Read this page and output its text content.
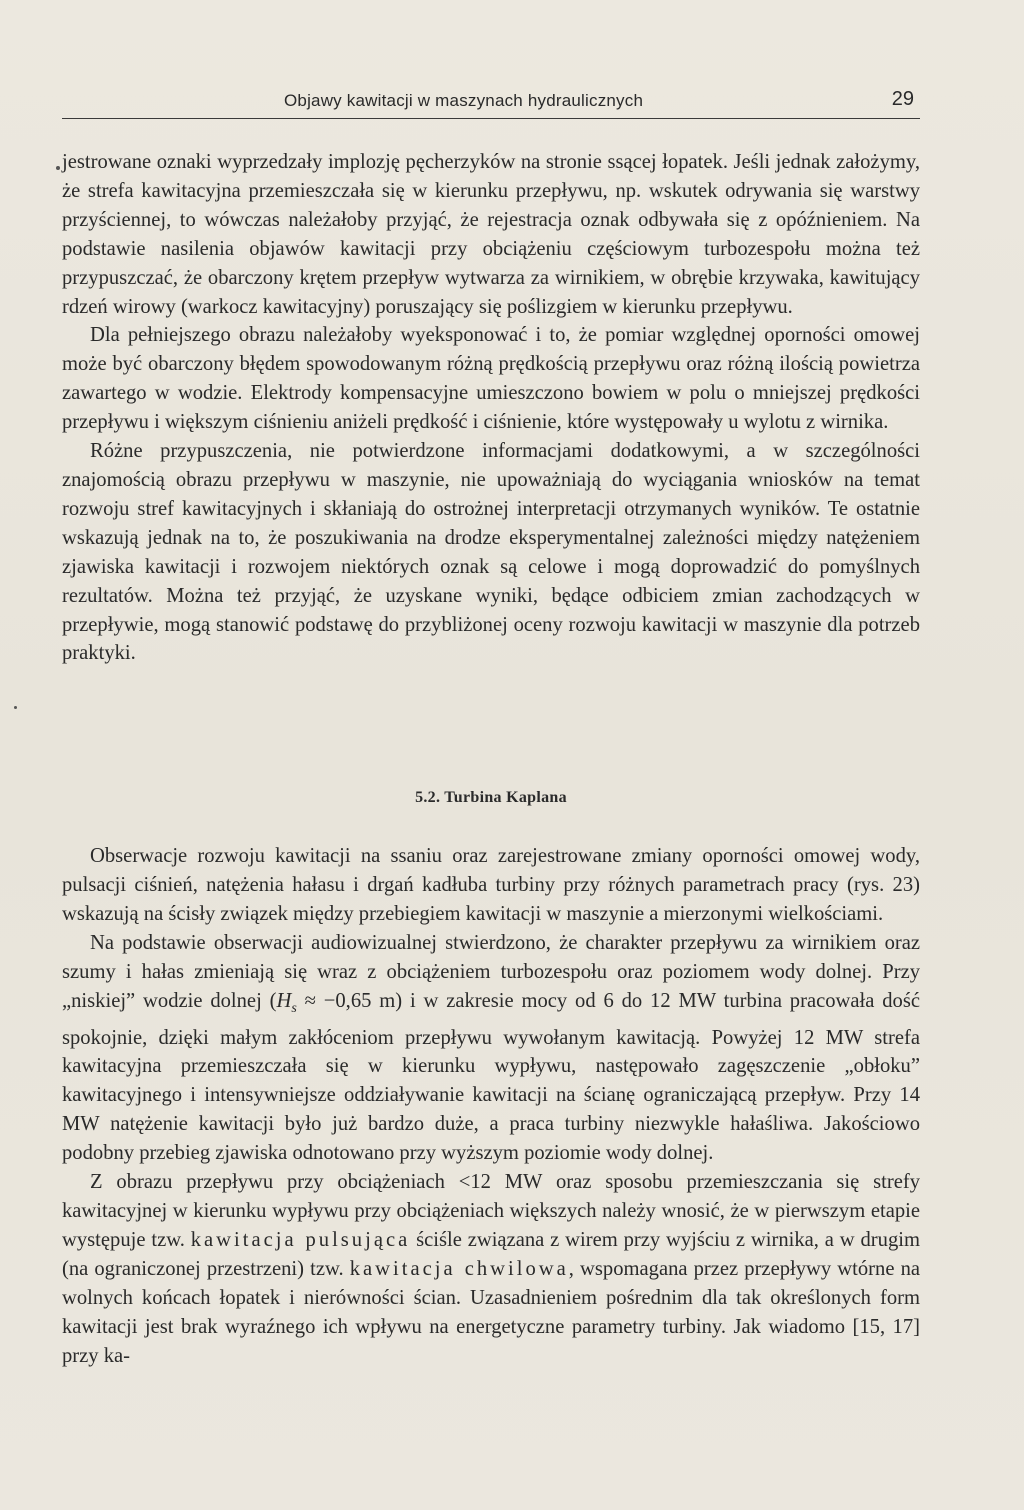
Objawy kawitacji w maszynach hydraulicznych	29

jestrowane oznaki wyprzedzały implozję pęcherzyków na stronie ssącej łopatek. Jeśli jednak założymy, że strefa kawitacyjna przemieszczała się w kierunku przepływu, np. wskutek odrywania się warstwy przyściennej, to wówczas należałoby przyjąć, że rejestracja oznak odbywała się z opóźnieniem. Na podstawie nasilenia objawów kawitacji przy obciążeniu częściowym turbozespołu można też przypuszczać, że obarczony krętem przepływ wytwarza za wirnikiem, w obrębie krzywaka, kawitujący rdzeń wirowy (warkocz kawitacyjny) poruszający się poślizgiem w kierunku przepływu.

Dla pełniejszego obrazu należałoby wyeksponować i to, że pomiar względnej oporności omowej może być obarczony błędem spowodowanym różną prędkością przepływu oraz różną ilością powietrza zawartego w wodzie. Elektrody kompensacyjne umieszczono bowiem w polu o mniejszej prędkości przepływu i większym ciśnieniu aniżeli prędkość i ciśnienie, które występowały u wylotu z wirnika.

Różne przypuszczenia, nie potwierdzone informacjami dodatkowymi, a w szczególności znajomością obrazu przepływu w maszynie, nie upoważniają do wyciągania wniosków na temat rozwoju stref kawitacyjnych i skłaniają do ostrożnej interpretacji otrzymanych wyników. Te ostatnie wskazują jednak na to, że poszukiwania na drodze eksperymentalnej zależności między natężeniem zjawiska kawitacji i rozwojem niektórych oznak są celowe i mogą doprowadzić do pomyślnych rezultatów. Można też przyjąć, że uzyskane wyniki, będące odbiciem zmian zachodzących w przepływie, mogą stanowić podstawę do przybliżonej oceny rozwoju kawitacji w maszynie dla potrzeb praktyki.

5.2. Turbina Kaplana

Obserwacje rozwoju kawitacji na ssaniu oraz zarejestrowane zmiany oporności omowej wody, pulsacji ciśnień, natężenia hałasu i drgań kadłuba turbiny przy różnych parametrach pracy (rys. 23) wskazują na ścisły związek między przebiegiem kawitacji w maszynie a mierzonymi wielkościami.

Na podstawie obserwacji audiowizualnej stwierdzono, że charakter przepływu za wirnikiem oraz szumy i hałas zmieniają się wraz z obciążeniem turbozespołu oraz poziomem wody dolnej. Przy „niskiej” wodzie dolnej ($H_s \approx -0,65$ m) i w zakresie mocy od 6 do 12 MW turbina pracowała dość spokojnie, dzięki małym zakłóceniom przepływu wywołanym kawitacją. Powyżej 12 MW strefa kawitacyjna przemieszczała się w kierunku wypływu, następowało zagęszczenie „obłoku” kawitacyjnego i intensywniejsze oddziaływanie kawitacji na ścianę ograniczającą przepływ. Przy 14 MW natężenie kawitacji było już bardzo duże, a praca turbiny niezwykle hałaśliwa. Jakościowo podobny przebieg zjawiska odnotowano przy wyższym poziomie wody dolnej.

Z obrazu przepływu przy obciążeniach <12 MW oraz sposobu przemieszczania się strefy kawitacyjnej w kierunku wypływu przy obciążeniach większych należy wnosić, że w pierwszym etapie występuje tzw. kawitacja pulsująca ściśle związana z wirem przy wyjściu z wirnika, a w drugim (na ograniczonej przestrzeni) tzw. kawitacja chwilowa, wspomagana przez przepływy wtórne na wolnych końcach łopatek i nierówności ścian. Uzasadnieniem pośrednim dla tak określonych form kawitacji jest brak wyraźnego ich wpływu na energetyczne parametry turbiny. Jak wiadomo [15, 17] przy ka-
